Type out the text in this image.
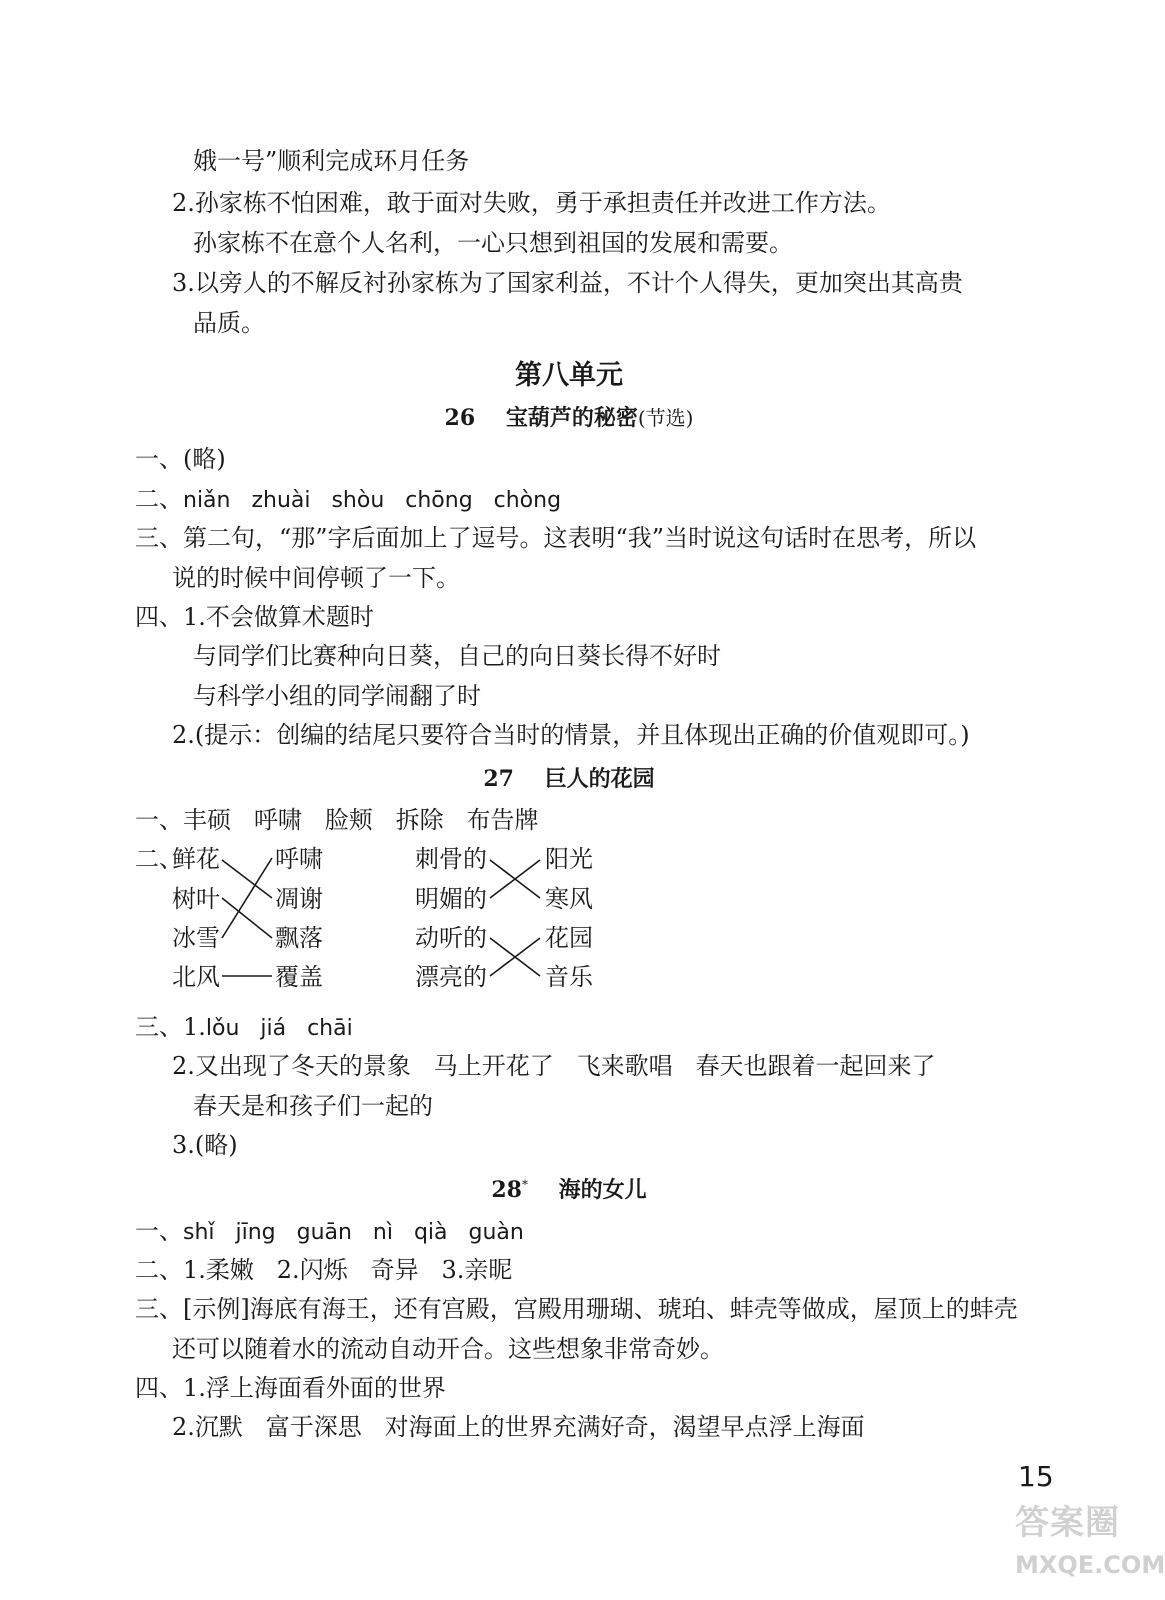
娥一号”顺利完成环月任务
2.孙家栋不怕困难，敢于面对失败，勇于承担责任并改进工作方法。
孙家栋不在意个人名利，一心只想到祖国的发展和需要。
3.以旁人的不解反衬孙家栋为了国家利益，不计个人得失，更加突出其高贵
品质。
第八单元
26 宝葫芦的秘密(节选)
一、(略)
二、niǎn   zhuài   shòu   chōng   chòng
三、第二句，“那”字后面加上了逗号。这表明“我”当时说这句话时在思考，所以
说的时候中间停顿了一下。
四、1.不会做算术题时
与同学们比赛种向日葵，自己的向日葵长得不好时
与科学小组的同学闹翻了时
2.(提示：创编的结尾只要符合当时的情景，并且体现出正确的价值观即可。)
27 巨人的花园
一、丰硕   呼啸   脸颊   拆除   布告牌
二、
鲜花
树叶
冰雪
北风
呼啸
凋谢
飘落
覆盖
刺骨的
明媚的
动听的
漂亮的
阳光
寒风
花园
音乐
三、1.lǒu   jiá   chāi
2.又出现了冬天的景象   马上开花了   飞来歌唱   春天也跟着一起回来了
春天是和孩子们一起的
3.(略)
28* 海的女儿
一、shǐ   jīng   guān   nì   qià   guàn
二、1.柔嫩   2.闪烁   奇异   3.亲昵
三、[示例]海底有海王，还有宫殿，宫殿用珊瑚、琥珀、蚌壳等做成，屋顶上的蚌壳
还可以随着水的流动自动开合。这些想象非常奇妙。
四、1.浮上海面看外面的世界
2.沉默   富于深思   对海面上的世界充满好奇，渴望早点浮上海面
15
答案圈
MXQE.COM
